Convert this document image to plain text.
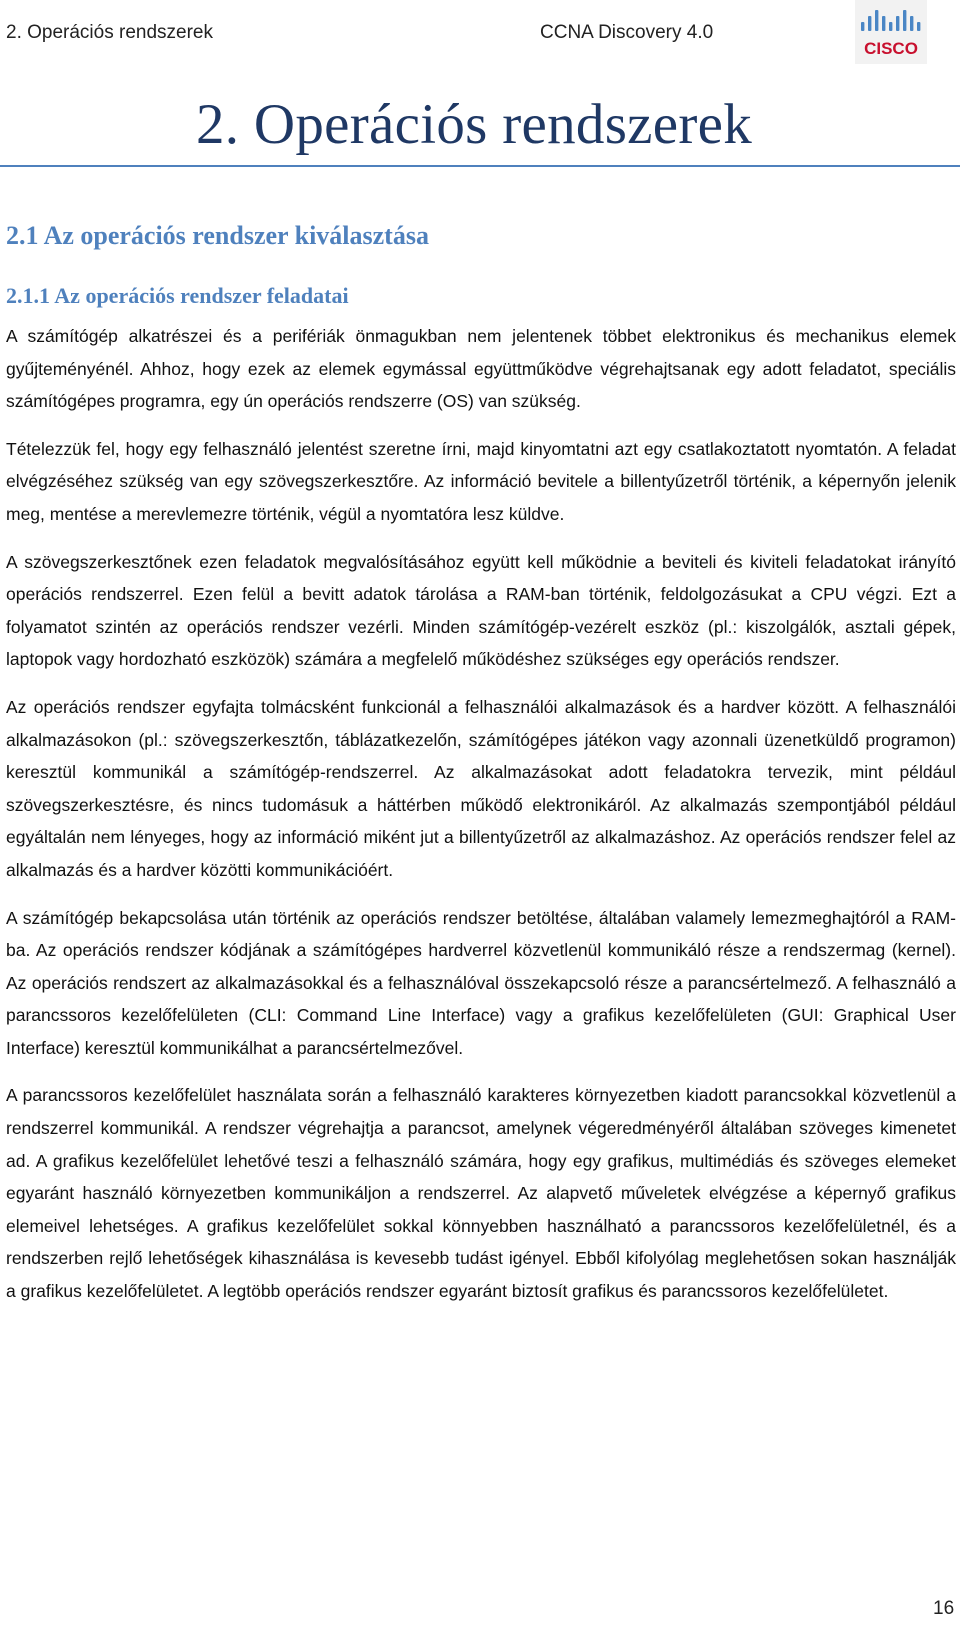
2. Operációs rendszerek	CCNA Discovery 4.0
CISCO
2. Operációs rendszerek
2.1 Az operációs rendszer kiválasztása
2.1.1 Az operációs rendszer feladatai

A számítógép alkatrészei és a perifériák önmagukban nem jelentenek többet elektronikus és mechanikus elemek gyűjteményénél. Ahhoz, hogy ezek az elemek egymással együttműködve végrehajtsanak egy adott feladatot, speciális számítógépes programra, egy ún operációs rendszerre (OS) van szükség.

Tételezzük fel, hogy egy felhasználó jelentést szeretne írni, majd kinyomtatni azt egy csatlakoztatott nyomtatón. A feladat elvégzéséhez szükség van egy szövegszerkesztőre. Az információ bevitele a billentyűzetről történik, a képernyőn jelenik meg, mentése a merevlemezre történik, végül a nyomtatóra lesz küldve.

A szövegszerkesztőnek ezen feladatok megvalósításához együtt kell működnie a beviteli és kiviteli feladatokat irányító operációs rendszerrel. Ezen felül a bevitt adatok tárolása a RAM-ban történik, feldolgozásukat a CPU végzi. Ezt a folyamatot szintén az operációs rendszer vezérli. Minden számítógép-vezérelt eszköz (pl.: kiszolgálók, asztali gépek, laptopok vagy hordozható eszközök) számára a megfelelő működéshez szükséges egy operációs rendszer.

Az operációs rendszer egyfajta tolmácsként funkcionál a felhasználói alkalmazások és a hardver között. A felhasználói alkalmazásokon (pl.: szövegszerkesztőn, táblázatkezelőn, számítógépes játékon vagy azonnali üzenetküldő programon) keresztül kommunikál a számítógép-rendszerrel. Az alkalmazásokat adott feladatokra tervezik, mint például szövegszerkesztésre, és nincs tudomásuk a háttérben működő elektronikáról. Az alkalmazás szempontjából például egyáltalán nem lényeges, hogy az információ miként jut a billentyűzetről az alkalmazáshoz. Az operációs rendszer felel az alkalmazás és a hardver közötti kommunikációért.

A számítógép bekapcsolása után történik az operációs rendszer betöltése, általában valamely lemezmeghajtóról a RAM-ba. Az operációs rendszer kódjának a számítógépes hardverrel közvetlenül kommunikáló része a rendszermag (kernel). Az operációs rendszert az alkalmazásokkal és a felhasználóval összekapcsoló része a parancsértelmező. A felhasználó a parancssoros kezelőfelületen (CLI: Command Line Interface) vagy a grafikus kezelőfelületen (GUI: Graphical User Interface) keresztül kommunikálhat a parancsértelmezővel.

A parancssoros kezelőfelület használata során a felhasználó karakteres környezetben kiadott parancsokkal közvetlenül a rendszerrel kommunikál. A rendszer végrehajtja a parancsot, amelynek végeredményéről általában szöveges kimenetet ad. A grafikus kezelőfelület lehetővé teszi a felhasználó számára, hogy egy grafikus, multimédiás és szöveges elemeket egyaránt használó környezetben kommunikáljon a rendszerrel. Az alapvető műveletek elvégzése a képernyő grafikus elemeivel lehetséges. A grafikus kezelőfelület sokkal könnyebben használható a parancssoros kezelőfelületnél, és a rendszerben rejlő lehetőségek kihasználása is kevesebb tudást igényel. Ebből kifolyólag meglehetősen sokan használják a grafikus kezelőfelületet. A legtöbb operációs rendszer egyaránt biztosít grafikus és parancssoros kezelőfelületet.

16
